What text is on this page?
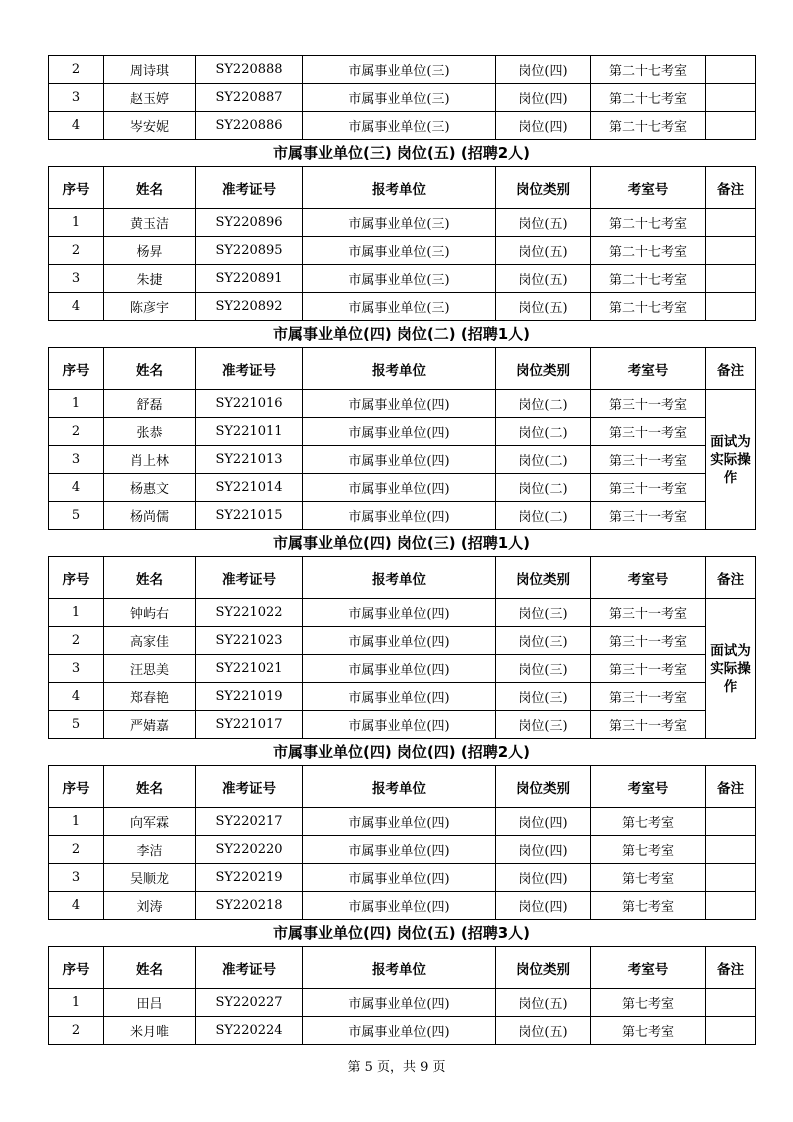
2	周诗琪	SY220888	市属事业单位(三)	岗位(四)	第二十七考室	
3	赵玉婷	SY220887	市属事业单位(三)	岗位(四)	第二十七考室	
4	岑安妮	SY220886	市属事业单位(三)	岗位(四)	第二十七考室	
市属事业单位(三) 岗位(五) (招聘2人)
序号	姓名	准考证号	报考单位	岗位类别	考室号	备注
1	黄玉洁	SY220896	市属事业单位(三)	岗位(五)	第二十七考室	
2	杨昇	SY220895	市属事业单位(三)	岗位(五)	第二十七考室	
3	朱捷	SY220891	市属事业单位(三)	岗位(五)	第二十七考室	
4	陈彦宇	SY220892	市属事业单位(三)	岗位(五)	第二十七考室	
市属事业单位(四) 岗位(二) (招聘1人)
序号	姓名	准考证号	报考单位	岗位类别	考室号	备注
1	舒磊	SY221016	市属事业单位(四)	岗位(二)	第三十一考室	面试为实际操作
2	张恭	SY221011	市属事业单位(四)	岗位(二)	第三十一考室	
3	肖上林	SY221013	市属事业单位(四)	岗位(二)	第三十一考室	
4	杨惠文	SY221014	市属事业单位(四)	岗位(二)	第三十一考室	
5	杨尚儒	SY221015	市属事业单位(四)	岗位(二)	第三十一考室	
市属事业单位(四) 岗位(三) (招聘1人)
序号	姓名	准考证号	报考单位	岗位类别	考室号	备注
1	钟屿右	SY221022	市属事业单位(四)	岗位(三)	第三十一考室	面试为实际操作
2	高家佳	SY221023	市属事业单位(四)	岗位(三)	第三十一考室	
3	汪思美	SY221021	市属事业单位(四)	岗位(三)	第三十一考室	
4	郑春艳	SY221019	市属事业单位(四)	岗位(三)	第三十一考室	
5	严婧嘉	SY221017	市属事业单位(四)	岗位(三)	第三十一考室	
市属事业单位(四) 岗位(四) (招聘2人)
序号	姓名	准考证号	报考单位	岗位类别	考室号	备注
1	向军霖	SY220217	市属事业单位(四)	岗位(四)	第七考室	
2	李洁	SY220220	市属事业单位(四)	岗位(四)	第七考室	
3	吴顺龙	SY220219	市属事业单位(四)	岗位(四)	第七考室	
4	刘涛	SY220218	市属事业单位(四)	岗位(四)	第七考室	
市属事业单位(四) 岗位(五) (招聘3人)
序号	姓名	准考证号	报考单位	岗位类别	考室号	备注
1	田吕	SY220227	市属事业单位(四)	岗位(五)	第七考室	
2	米月唯	SY220224	市属事业单位(四)	岗位(五)	第七考室	
第 5 页，共 9 页
